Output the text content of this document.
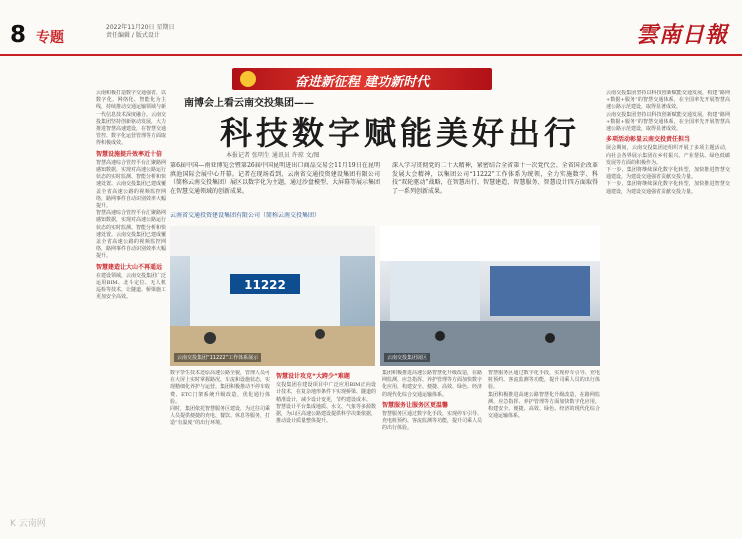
8 专题
2022年11月20日 星期日
责任编辑 / 版式设计	雲南日報
奋进新征程 建功新时代
南博会上看云南交投集团——
科技数字赋能美好出行
本报记者 张明生 通讯员 许琼 文/图
第6届中国—南亚博览会暨第26届中国昆明进出口商品交易会11月19日在昆明滇池国际会展中心开幕。记者在现场看到，云南省交通投资建设集团有限公司（简称云南交投集团）展区以数字化为主题，通过沙盘模型、大屏幕等展示集团在智慧交通领域的创新成果。
云南省交通投资建设集团有限公司（简称云南交投集团）
深入学习贯彻党的二十大精神，紧密结合全省第十一次党代会、全省国企改革发展大会精神，以集团公司“11222”工作体系为统领，全力实施数字、科技“双轮驱动”战略，在智慧出行、智慧建造、智慧服务、智慧设计四方面取得了一系列创新成果。
云南积极打造数字交通强省，以数字化、网络化、智能化为主线，持续推动交通运输领域与新一代信息技术深度融合。云南交投集团坚持创新驱动发展，大力推进智慧高速建设，在智慧交通管控、数字化运营管理等方面取得积极成效。
智慧设施提升效率近十倍
智慧高速综合管控平台汇聚路网感知数据，实现对高速公路运行状态的实时监测、智能分析和快速处置。云南交投集团已建成覆盖全省高速公路的视频监控网络，路网事件自动识别效率大幅提升。
智慧高速综合管控平台汇聚路网感知数据，实现对高速公路运行状态的实时监测、智能分析和快速处置。云南交投集团已建成覆盖全省高速公路的视频监控网络，路网事件自动识别效率大幅提升。
智慧建造让大山不再遥远
在建设领域，云南交投集团广泛运用BIM、北斗定位、无人机巡检等技术，让隧道、桥梁施工更加安全高效。
11222
云南交投集团“11222”工作体系展示	云南交投集团展区
数字孪生技术还原高速公路全貌，管理人员可在大屏上实时掌握路况、车流和设施状态，实现精细化养护与运营。集团积极推动不停车收费、ETC门架系统升级改造，优化通行体验。
同时，集团依托智慧服务区建设，为过往司乘人员提供便捷的充电、餐饮、休息等服务，打造“有温度”的出行环境。
智慧设计攻克“大跨少”难题
交投集团在建设项目中广泛应用BIM正向设计技术，在复杂地形条件下实现桥梁、隧道的精准设计，减少设计变更，节约建设成本。
智慧设计平台集成地质、水文、气象等多源数据，为山区高速公路建设提供科学决策依据，推动设计质量整体提升。
集团积极推进高速公路智慧化升级改造，在路网监测、应急指挥、养护管理等方面加快数字化应用，构建安全、便捷、高效、绿色、经济的现代化综合交通运输体系。
智慧服务让服务区更温馨
智慧服务区通过数字化手段，实现停车引导、充电桩预约、客流监测等功能，提升司乘人员的出行体验。
智慧服务区通过数字化手段，实现停车引导、充电桩预约、客流监测等功能，提升司乘人员的出行体验。
集团积极推进高速公路智慧化升级改造，在路网监测、应急指挥、养护管理等方面加快数字化应用，构建安全、便捷、高效、绿色、经济的现代化综合交通运输体系。
云南交投集团坚持以科技创新赋能交通发展，构建“路网+数据+服务”的智慧交通体系，在全国率先开展智慧高速公路示范建设，取得显著成效。
云南交投集团坚持以科技创新赋能交通发展，构建“路网+数据+服务”的智慧交通体系，在全国率先开展智慧高速公路示范建设，取得显著成效。
多项活动彰显云南交投责任担当
展会期间，云南交投集团还组织开展了多项主题活动，向社会各界展示集团在乡村振兴、产业帮扶、绿色低碳发展等方面的积极作为。
下一步，集团将继续深化数字化转型，加快推进智慧交通建设，为建设交通强省贡献交投力量。
下一步，集团将继续深化数字化转型，加快推进智慧交通建设，为建设交通强省贡献交投力量。
K 云南网
